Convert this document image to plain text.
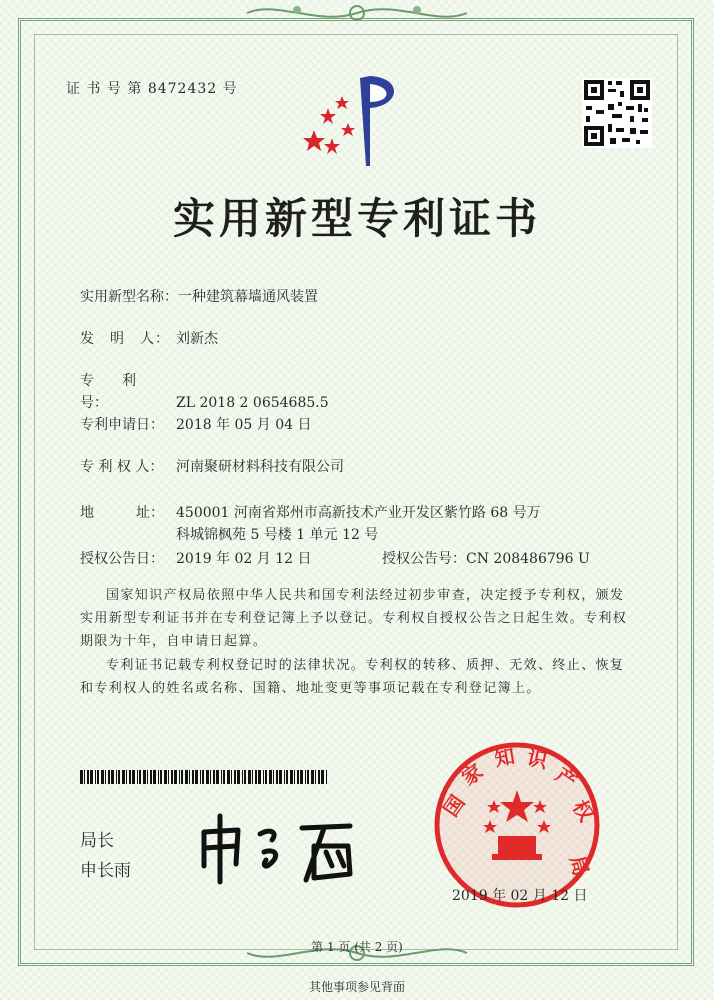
证 书 号 第 8472432 号
实用新型专利证书
实用新型名称：一种建筑幕墙通风装置
发　明　人： 刘新杰
专　　利　号：	ZL 2018 2 0654685.5
专利申请日： 2018 年 05 月 04 日
专 利 权 人： 河南聚研材料科技有限公司
地　　　址： 450001 河南省郑州市高新技术产业开发区紫竹路 68 号万科城锦枫苑 5 号楼 1 单元 12 号
授权公告日： 2019 年 02 月 12 日	授权公告号：CN 208486796 U
国家知识产权局依照中华人民共和国专利法经过初步审查，决定授予专利权，颁发实用新型专利证书并在专利登记簿上予以登记。专利权自授权公告之日起生效。专利权期限为十年，自申请日起算。
专利证书记载专利权登记时的法律状况。专利权的转移、质押、无效、终止、恢复和专利权人的姓名或名称、国籍、地址变更等事项记载在专利登记簿上。
局长
申长雨
国
家
知 识
产
权
局
2019 年 02 月 12 日
第 1 页 (共 2 页)
其他事项参见背面
